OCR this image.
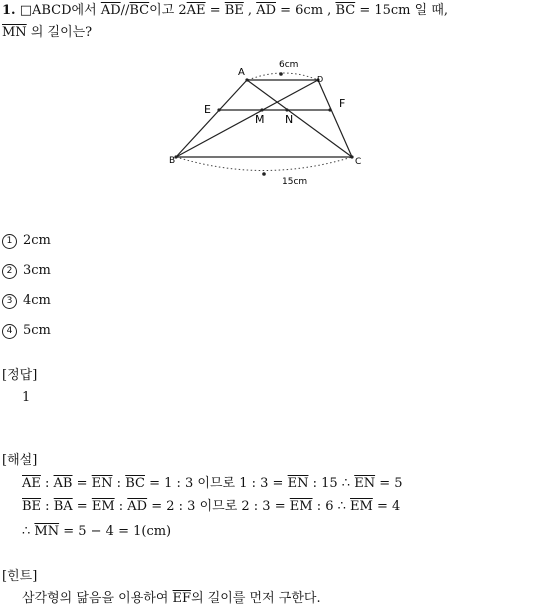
1. □ABCD에서 $\overline{AD}//\overline{BC}$이고 $2\overline{AE} = \overline{BE}$ , $\overline{AD} = 6cm$ , $\overline{BC} = 15cm$ 일 때,
$\overline{MN}$ 의 길이는?
A
D
B	C
E	F
M N
6cm
15cm
1 2cm
2 3cm
3 4cm
4 5cm
[정답]
1
[해설]
$\overline{AE}$ : $\overline{AB} = \overline{EN}$ : $\overline{BC} = 1$ : 3 이므로 1 : $3 = \overline{EN}$ : 15 ∴ $\overline{EN} = 5$
$\overline{BE}$ : $\overline{BA} = \overline{EM}$ : $\overline{AD} = 2$ : 3 이므로 2 : $3 = \overline{EM}$ : 6 ∴ $\overline{EM} = 4$
∴ $\overline{MN} = 5 - 4 = 1(cm)$
[힌트]
삼각형의 닮음을 이용하여 $\overline{EF}$의 길이를 먼저 구한다.
